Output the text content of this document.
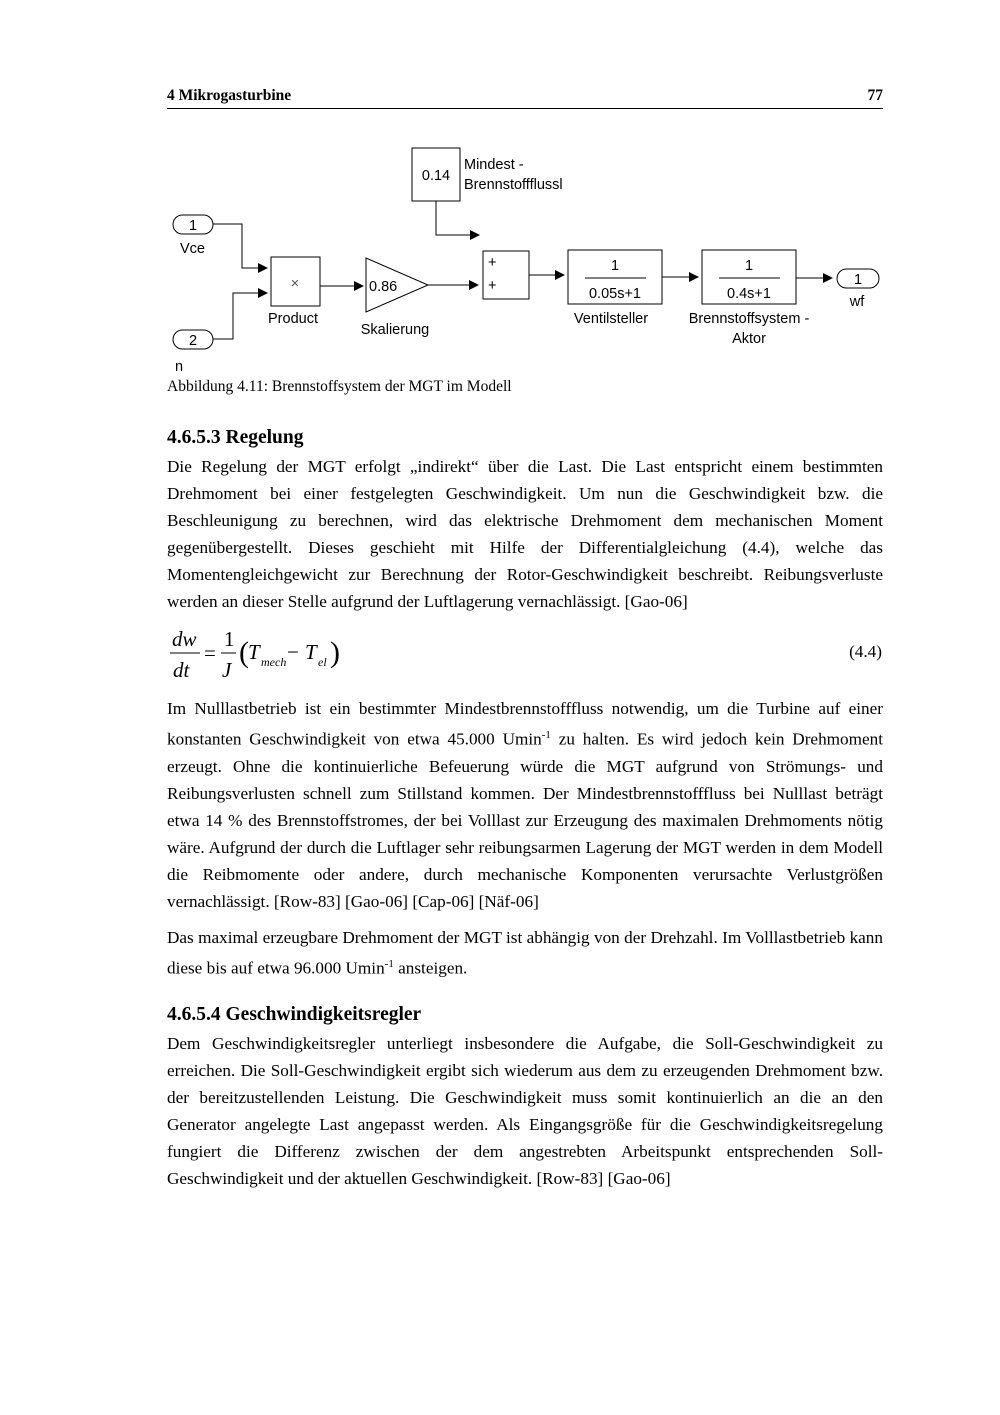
4 Mikrogasturbine	77
1
Vce
2
n
×
Product
0.86
Skalierung
0.14
Mindest -
Brennstoffflussl
+
+
1
0.05s+1
Ventilsteller
1
0.4s+1
Brennstoffsystem -
Aktor
1
wf
Abbildung 4.11: Brennstoffsystem der MGT im Modell
4.6.5.3 Regelung

Die Regelung der MGT erfolgt „indirekt“ über die Last. Die Last entspricht einem bestimmten Drehmoment bei einer festgelegten Geschwindigkeit. Um nun die Geschwindigkeit bzw. die Beschleunigung zu berechnen, wird das elektrische Drehmoment dem mechanischen Moment gegenübergestellt. Dieses geschieht mit Hilfe der Differentialgleichung (4.4), welche das Momentengleichgewicht zur Berechnung der Rotor-Geschwindigkeit beschreibt. Reibungsverluste werden an dieser Stelle aufgrund der Luftlagerung vernachlässigt. [Gao-06]

dw
dt
=
1
J
( T mech − T el )	(4.4)

Im Nulllastbetrieb ist ein bestimmter Mindestbrennstofffluss notwendig, um die Turbine auf einer konstanten Geschwindigkeit von etwa 45.000 Umin$^{-1}$ zu halten. Es wird jedoch kein Drehmoment erzeugt. Ohne die kontinuierliche Befeuerung würde die MGT aufgrund von Strömungs- und Reibungsverlusten schnell zum Stillstand kommen. Der Mindestbrennstofffluss bei Nulllast beträgt etwa 14 % des Brennstoffstromes, der bei Volllast zur Erzeugung des maximalen Drehmoments nötig wäre. Aufgrund der durch die Luftlager sehr reibungsarmen Lagerung der MGT werden in dem Modell die Reibmomente oder andere, durch mechanische Komponenten verursachte Verlustgrößen vernachlässigt. [Row-83] [Gao-06] [Cap-06] [Näf-06]

Das maximal erzeugbare Drehmoment der MGT ist abhängig von der Drehzahl. Im Volllastbetrieb kann diese bis auf etwa 96.000 Umin$^{-1}$ ansteigen.

4.6.5.4 Geschwindigkeitsregler

Dem Geschwindigkeitsregler unterliegt insbesondere die Aufgabe, die Soll-Geschwindigkeit zu erreichen. Die Soll-Geschwindigkeit ergibt sich wiederum aus dem zu erzeugenden Drehmoment bzw. der bereitzustellenden Leistung. Die Geschwindigkeit muss somit kontinuierlich an die an den Generator angelegte Last angepasst werden. Als Eingangsgröße für die Geschwindigkeitsregelung fungiert die Differenz zwischen der dem angestrebten Arbeitspunkt entsprechenden Soll-Geschwindigkeit und der aktuellen Geschwindigkeit. [Row-83] [Gao-06]
